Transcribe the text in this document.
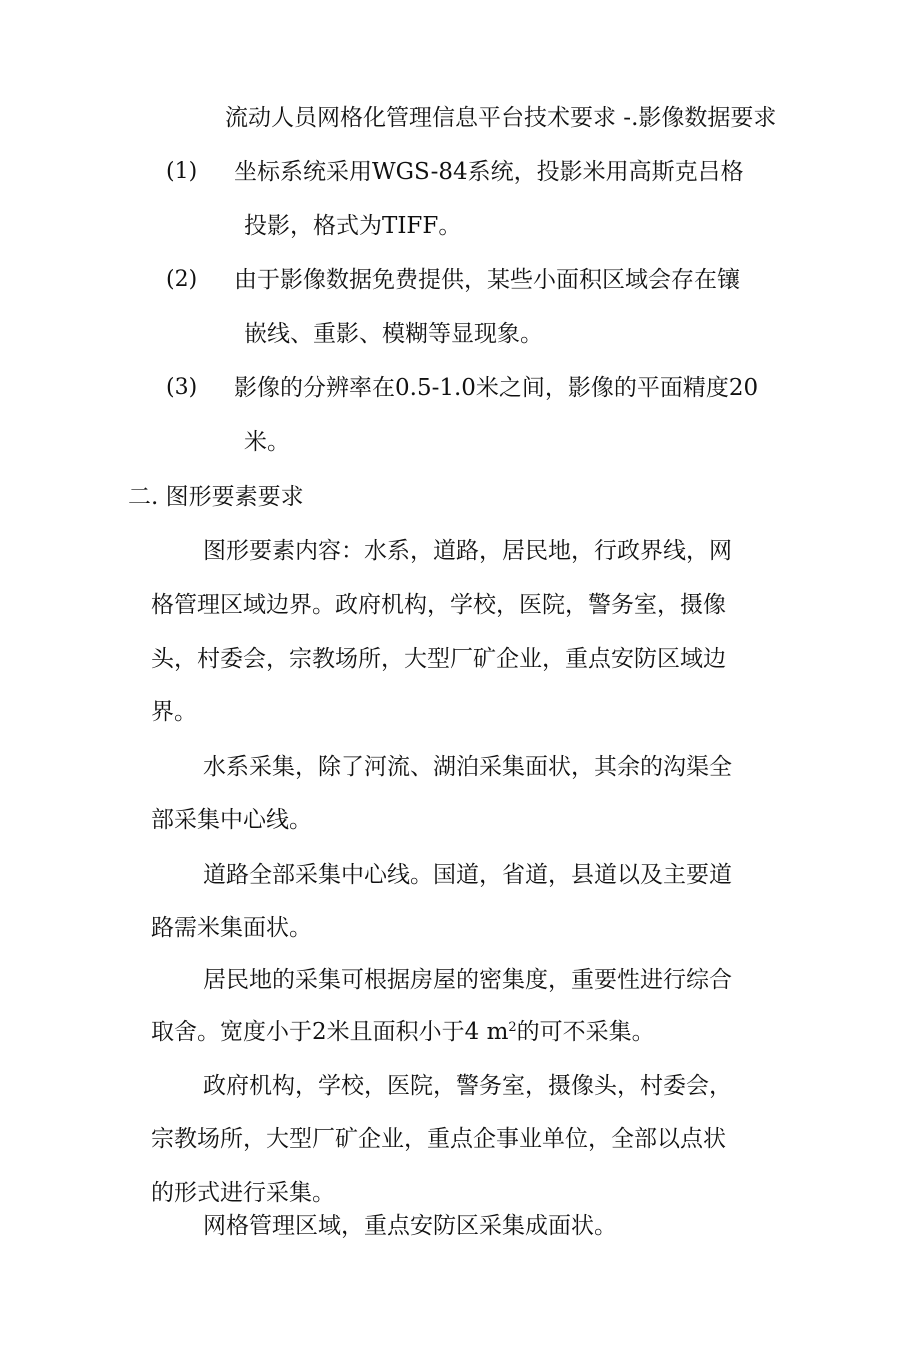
流动人员网格化管理信息平台技术要求 -.影像数据要求
(1) 坐标系统采用WGS-84系统，投影米用高斯克吕格
投影，格式为TIFF。
(2) 由于影像数据免费提供，某些小面积区域会存在镶
嵌线、重影、模糊等显现象。
(3) 影像的分辨率在0.5-1.0米之间，影像的平面精度20
米。
二. 图形要素要求
图形要素内容：水系，道路，居民地，行政界线，网
格管理区域边界。政府机构，学校，医院，警务室，摄像
头，村委会，宗教场所，大型厂矿企业，重点安防区域边
界。
水系采集，除了河流、湖泊采集面状，其余的沟渠全
部采集中心线。
道路全部采集中心线。国道，省道，县道以及主要道
路需米集面状。
居民地的采集可根据房屋的密集度，重要性进行综合
取舍。宽度小于2米且面积小于4 $m^2$的可不采集。
政府机构，学校，医院，警务室，摄像头，村委会，
宗教场所，大型厂矿企业，重点企事业单位，全部以点状
的形式进行采集。
网格管理区域，重点安防区采集成面状。
